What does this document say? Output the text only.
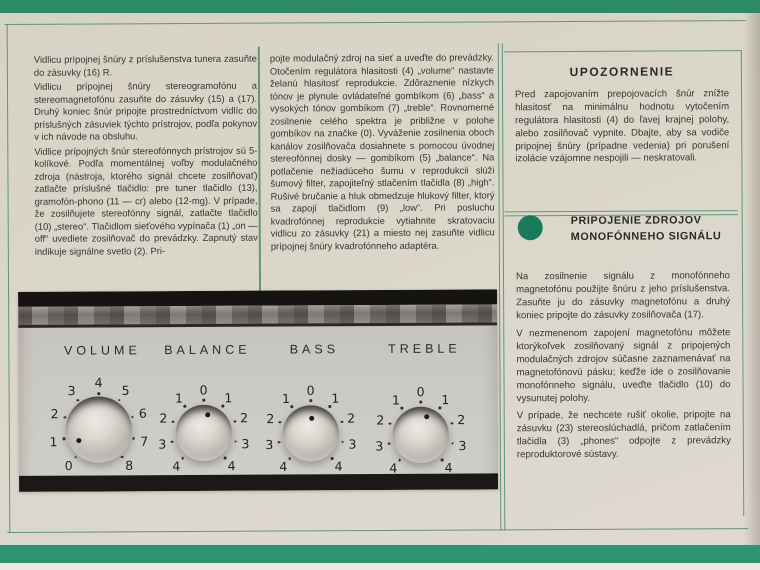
Vidlicu prípojnej šnúry z príslušenstva tunera zasuňte do zásuvky (16) R.

Vidlicu prípojnej šnúry stereogramofónu a stereomagnetofónu zasuňte do zásuvky (15) a (17). Druhý koniec šnúr pripojte prostredníctvom vidlíc do príslušných zásuviek týchto prístrojov, podľa pokynov v ich návode na obsluhu.

Vidlice prípojných šnúr stereofónnych prístrojov sú 5-kolíkové. Podľa momentálnej voľby modulačného zdroja (nástroja, ktorého signál chcete zosilňovať) zatlačte príslušné tlačidlo: pre tuner tlačidlo (13), gramofón-phono (11 — cr) alebo (12-mg). V prípade, že zosilňujete stereofónny signál, zatlačte tlačidlo (10) „stereo“. Tlačidlom sieťového vypínača (1) „on —off“ uvediete zosilňovač do prevádzky. Zapnutý stav indikuje signálne svetlo (2). Pri-

pojte modulačný zdroj na sieť a uveďte do prevádzky. Otočením regulátora hlasitosti (4) „volume“ nastavte želanú hlasitosť reprodukcie. Zdôraznenie nízkych tónov je plynule ovládateľné gombíkom (6) „bass“ a vysokých tónov gombíkom (7) „treble“. Rovnomerné zosilnenie celého spektra je približne v polohe gombíkov na značke (0). Vyváženie zosilnenia oboch kanálov zosilňovača dosiahnete s pomocou úvodnej stereofónnej dosky — gombíkom (5) „balance“. Na potlačenie nežiadúceho šumu v reprodukcii slúži šumový filter, zapojiteľný stlačením tlačidla (8) „high“. Rušivé bručanie a hluk obmedzuje hlukový filter, ktorý sa zapojí tlačidlom (9) „low“. Pri posluchu kvadrofónnej reprodukcie vytiahnite skratovaciu vidlicu zo zásuvky (21) a miesto nej zasuňte vidlicu prípojnej šnúry kvadrofónneho adaptéra.

UPOZORNENIE

Pred zapojovaním prepojovacích šnúr znížte hlasitosť na minimálnu hodnotu vytočením regulátora hlasitosti (4) do ľavej krajnej polohy, alebo zosilňovač vypnite. Dbajte, aby sa vodiče pripojnej šnúry (prípadne vedenia) pri porušení izolácie vzájomne nespojili — neskratovali.

PRIPOJENIE ZDROJOV
MONOFÓNNEHO SIGNÁLU

Na zosilnenie signálu z monofónneho magnetofónu použijte šnúru z jeho príslušenstva. Zasuňte ju do zásuvky magnetofónu a druhý koniec pripojte do zásuvky zosilňovača (17).

V nezmenenom zapojení magnetofónu môžete ktorýkoľvek zosilňovaný signál z pripojených modulačných zdrojov súčasne zaznamenávať na magnetofónovú pásku; keďže ide o zosilňovanie monofónneho signálu, uveďte tlačidlo (10) do vysunutej polohy.

V prípade, že nechcete rušiť okolie, pripojte na zásuvku (23) stereoslúchadlá, pričom zatlačením tlačidla (3) „phones“ odpojte z prevádzky reproduktorové sústavy.

VOLUME
0
1
2
3
4
5
6
7
8
BALANCE
4
3
2
1
0
1
2
3
4
BASS
4
3
2
1
0
1
2
3
4
TREBLE
4
3
2
1
0
1
2
3
4
